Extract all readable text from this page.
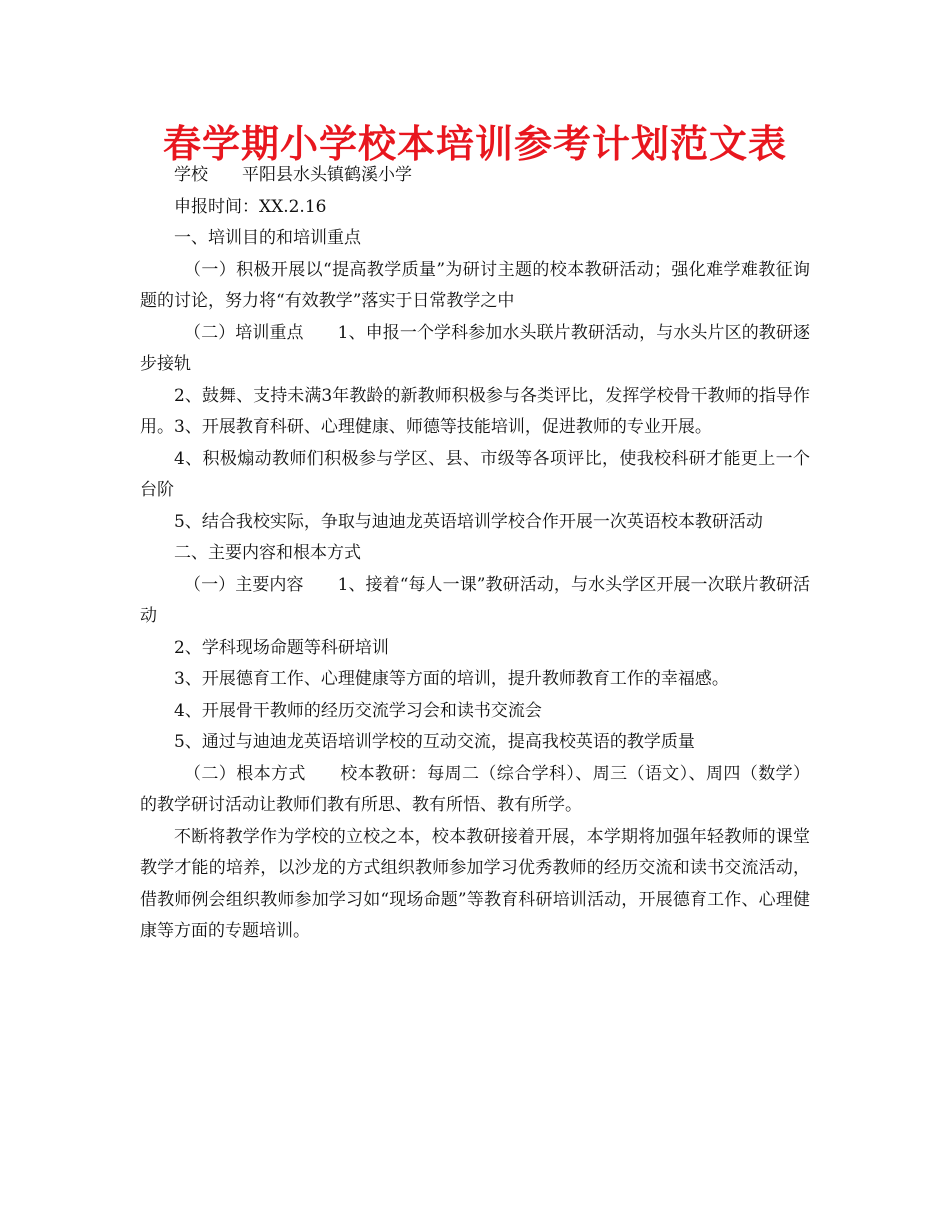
春学期小学校本培训参考计划范文表

学校 平阳县水头镇鹤溪小学

申报时间：XX.2.16

一、培训目的和培训重点

（一）积极开展以“提高教学质量”为研讨主题的校本教研活动；强化难学难教征询题的讨论，努力将“有效教学”落实于日常教学之中

（二）培训重点 1、申报一个学科参加水头联片教研活动，与水头片区的教研逐步接轨

2、鼓舞、支持未满3年教龄的新教师积极参与各类评比，发挥学校骨干教师的指导作用。3、开展教育科研、心理健康、师德等技能培训，促进教师的专业开展。

4、积极煽动教师们积极参与学区、县、市级等各项评比，使我校科研才能更上一个台阶

5、结合我校实际，争取与迪迪龙英语培训学校合作开展一次英语校本教研活动

二、主要内容和根本方式

（一）主要内容 1、接着“每人一课”教研活动，与水头学区开展一次联片教研活动

2、学科现场命题等科研培训

3、开展德育工作、心理健康等方面的培训，提升教师教育工作的幸福感。

4、开展骨干教师的经历交流学习会和读书交流会

5、通过与迪迪龙英语培训学校的互动交流，提高我校英语的教学质量

（二）根本方式 校本教研：每周二（综合学科）、周三（语文）、周四（数学）的教学研讨活动让教师们教有所思、教有所悟、教有所学。

不断将教学作为学校的立校之本，校本教研接着开展，本学期将加强年轻教师的课堂教学才能的培养，以沙龙的方式组织教师参加学习优秀教师的经历交流和读书交流活动，借教师例会组织教师参加学习如“现场命题”等教育科研培训活动，开展德育工作、心理健康等方面的专题培训。
